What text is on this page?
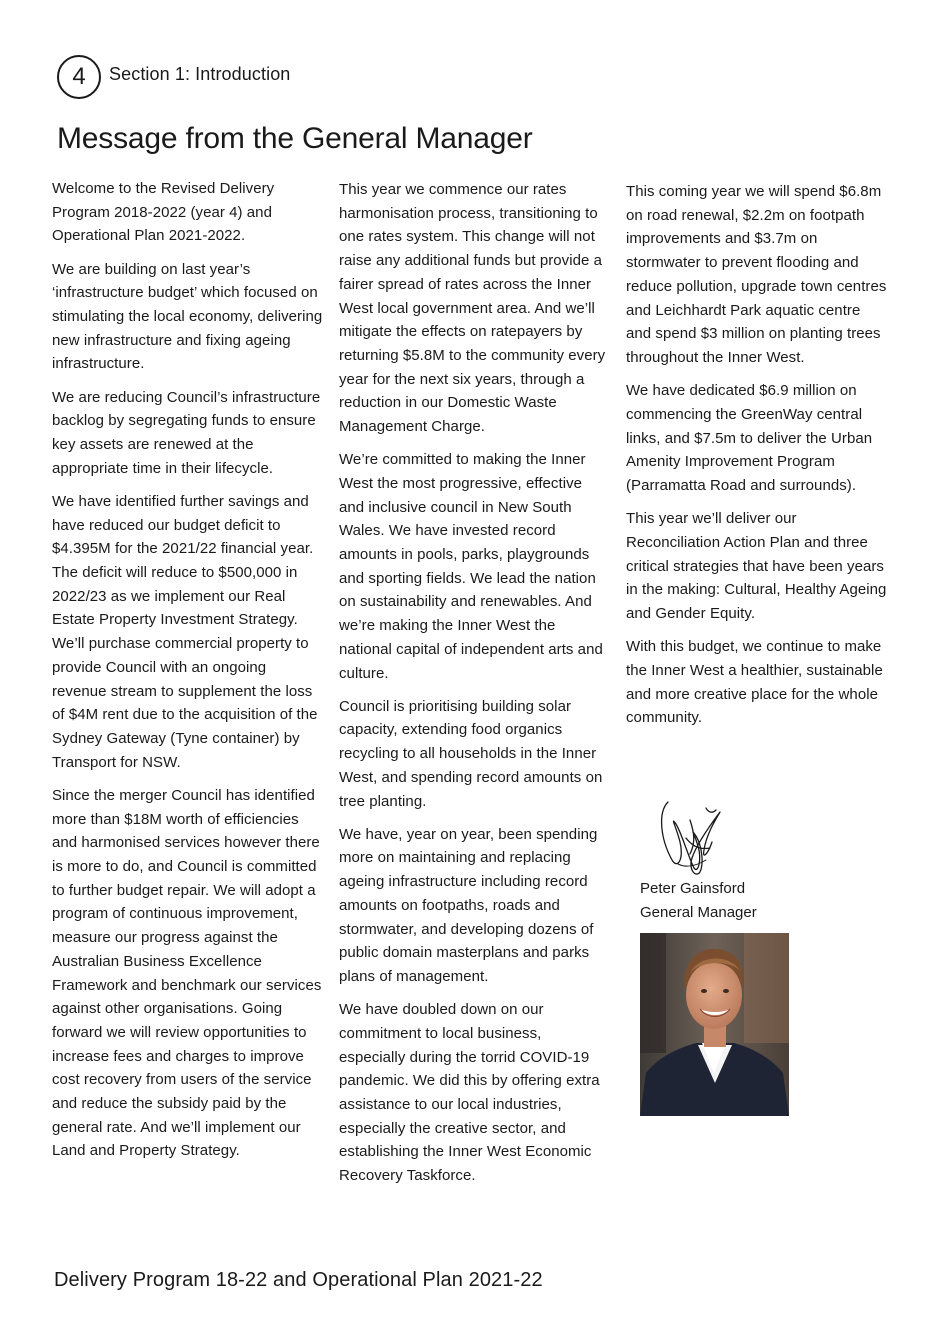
4 Section 1: Introduction
Message from the General Manager

Welcome to the Revised Delivery Program 2018-2022 (year 4) and Operational Plan 2021-2022.

We are building on last year’s ‘infrastructure budget’ which focused on stimulating the local economy, delivering new infrastructure and fixing ageing infrastructure.

We are reducing Council’s infrastructure backlog by segregating funds to ensure key assets are renewed at the appropriate time in their lifecycle.

We have identified further savings and have reduced our budget deficit to $4.395M for the 2021/22 financial year. The deficit will reduce to $500,000 in 2022/23 as we implement our Real Estate Property Investment Strategy. We’ll purchase commercial property to provide Council with an ongoing revenue stream to supplement the loss of $4M rent due to the acquisition of the Sydney Gateway (Tyne container) by Transport for NSW.

Since the merger Council has identified more than $18M worth of efficiencies and harmonised services however there is more to do, and Council is committed to further budget repair. We will adopt a program of continuous improvement, measure our progress against the Australian Business Excellence Framework and benchmark our services against other organisations. Going forward we will review opportunities to increase fees and charges to improve cost recovery from users of the service and reduce the subsidy paid by the general rate. And we’ll implement our Land and Property Strategy.

This year we commence our rates harmonisation process, transitioning to one rates system. This change will not raise any additional funds but provide a fairer spread of rates across the Inner West local government area. And we’ll mitigate the effects on ratepayers by returning $5.8M to the community every year for the next six years, through a reduction in our Domestic Waste Management Charge.

We’re committed to making the Inner West the most progressive, effective and inclusive council in New South Wales. We have invested record amounts in pools, parks, playgrounds and sporting fields. We lead the nation on sustainability and renewables. And we’re making the Inner West the national capital of independent arts and culture.

Council is prioritising building solar capacity, extending food organics recycling to all households in the Inner West, and spending record amounts on tree planting.

We have, year on year, been spending more on maintaining and replacing ageing infrastructure including record amounts on footpaths, roads and stormwater, and developing dozens of public domain masterplans and parks plans of management.

We have doubled down on our commitment to local business, especially during the torrid COVID-19 pandemic. We did this by offering extra assistance to our local industries, especially the creative sector, and establishing the Inner West Economic Recovery Taskforce.

This coming year we will spend $6.8m on road renewal, $2.2m on footpath improvements and $3.7m on stormwater to prevent flooding and reduce pollution, upgrade town centres and Leichhardt Park aquatic centre and spend $3 million on planting trees throughout the Inner West.

We have dedicated $6.9 million on commencing the GreenWay central links, and $7.5m to deliver the Urban Amenity Improvement Program (Parramatta Road and surrounds).

This year we’ll deliver our Reconciliation Action Plan and three critical strategies that have been years in the making: Cultural, Healthy Ageing and Gender Equity.

With this budget, we continue to make the Inner West a healthier, sustainable and more creative place for the whole community.

Peter Gainsford
General Manager
Delivery Program 18-22 and Operational Plan 2021-22
